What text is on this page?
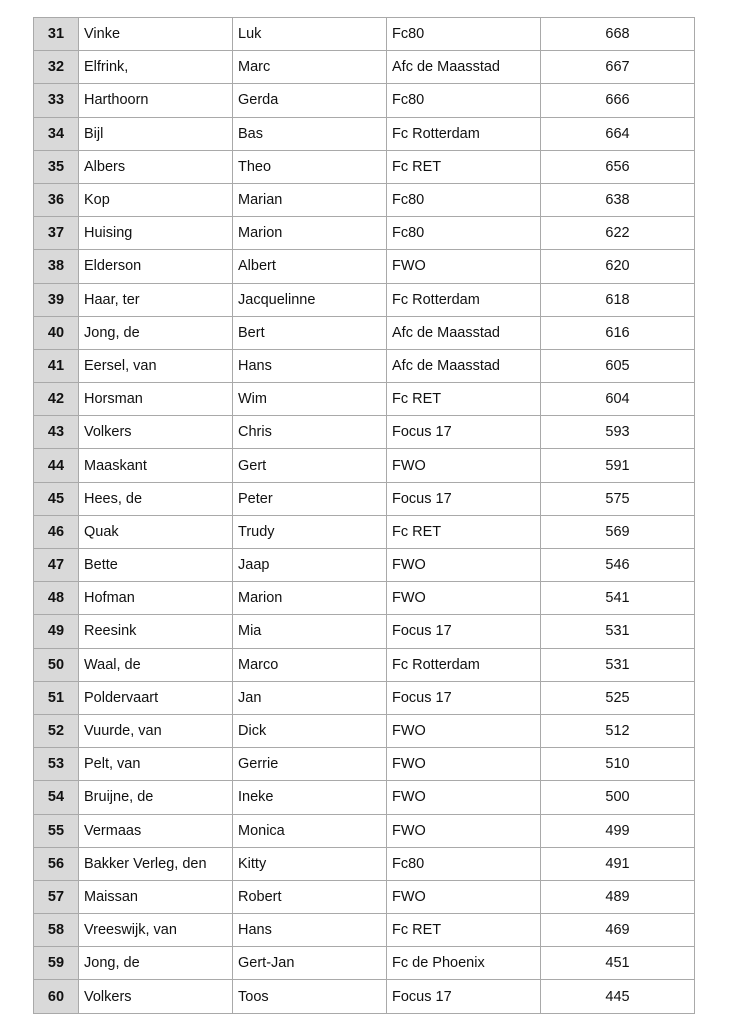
31	Vinke	Luk	Fc80	668
32	Elfrink,	Marc	Afc de Maasstad	667
33	Harthoorn	Gerda	Fc80	666
34	Bijl	Bas	Fc Rotterdam	664
35	Albers	Theo	Fc RET	656
36	Kop	Marian	Fc80	638
37	Huising	Marion	Fc80	622
38	Elderson	Albert	FWO	620
39	Haar, ter	Jacquelinne	Fc Rotterdam	618
40	Jong, de	Bert	Afc de Maasstad	616
41	Eersel, van	Hans	Afc de Maasstad	605
42	Horsman	Wim	Fc RET	604
43	Volkers	Chris	Focus 17	593
44	Maaskant	Gert	FWO	591
45	Hees, de	Peter	Focus 17	575
46	Quak	Trudy	Fc RET	569
47	Bette	Jaap	FWO	546
48	Hofman	Marion	FWO	541
49	Reesink	Mia	Focus 17	531
50	Waal, de	Marco	Fc Rotterdam	531
51	Poldervaart	Jan	Focus 17	525
52	Vuurde, van	Dick	FWO	512
53	Pelt, van	Gerrie	FWO	510
54	Bruijne, de	Ineke	FWO	500
55	Vermaas	Monica	FWO	499
56	Bakker Verleg, den	Kitty	Fc80	491
57	Maissan	Robert	FWO	489
58	Vreeswijk, van	Hans	Fc RET	469
59	Jong, de	Gert-Jan	Fc de Phoenix	451
60	Volkers	Toos	Focus 17	445
